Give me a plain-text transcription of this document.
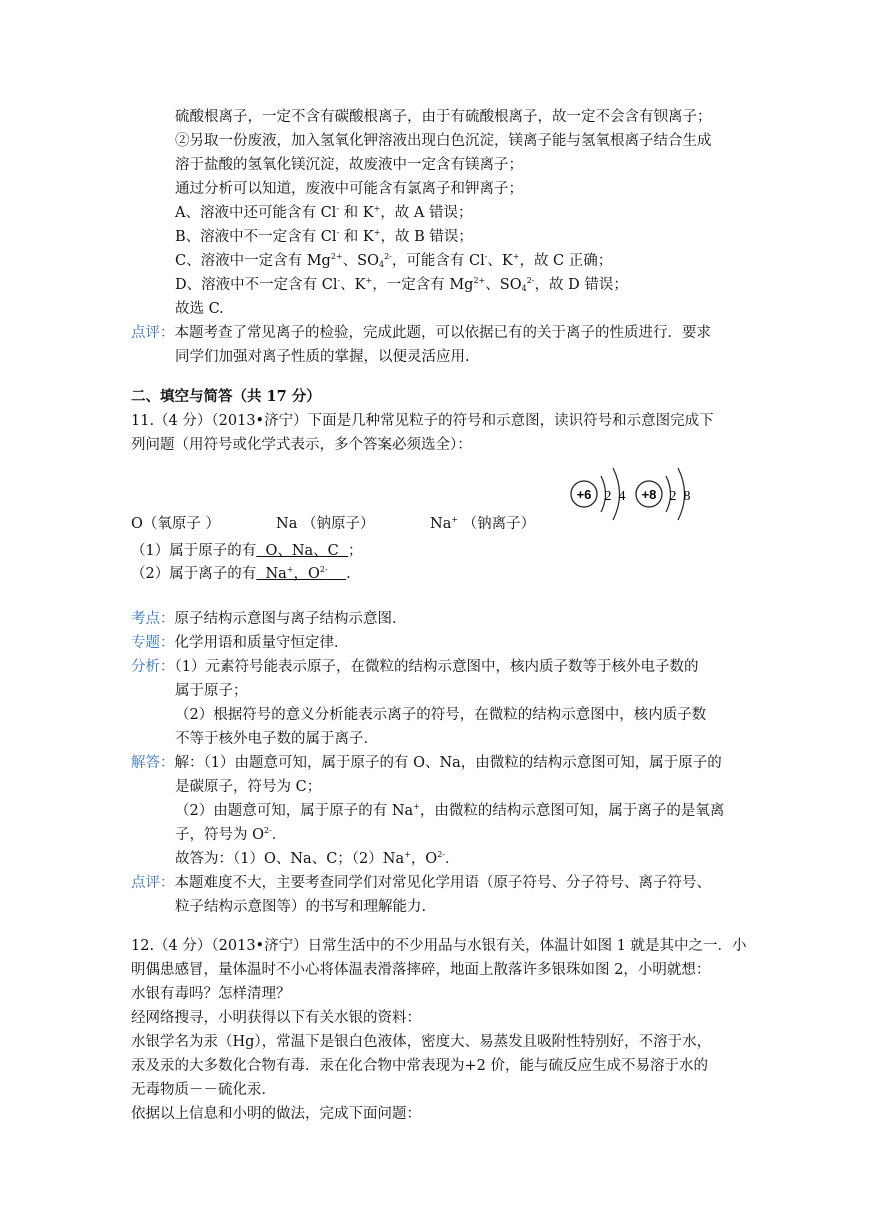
硫酸根离子，一定不含有碳酸根离子，由于有硫酸根离子，故一定不会含有钡离子；
②另取一份废液，加入氢氧化钾溶液出现白色沉淀，镁离子能与氢氧根离子结合生成
溶于盐酸的氢氧化镁沉淀，故废液中一定含有镁离子；
通过分析可以知道，废液中可能含有氯离子和钾离子；
A、溶液中还可能含有 Cl- 和 K+，故 A 错误；
B、溶液中不一定含有 Cl- 和 K+，故 B 错误；
C、溶液中一定含有 $Mg^{2+}$、$SO_4^{2-}$，可能含有 Cl-、K+，故 C 正确；
D、溶液中不一定含有 Cl-、K+，一定含有 $Mg^{2+}$、$SO_4^{2-}$，故 D 错误；
故选 C.
点评：本题考查了常见离子的检验，完成此题，可以依据已有的关于离子的性质进行．要求
同学们加强对离子性质的掌握，以便灵活应用.
二、填空与简答（共 17 分）
11.（4 分）（2013•济宁）下面是几种常见粒子的符号和示意图，读识符号和示意图完成下
列问题（用符号或化学式表示，多个答案必须选全）：
O（氧原子 ）	Na （钠原子）	Na+ （钠离子）
+6 2 4 +8 2 8
（1）属于原子的有  O、Na、C  ；
（2）属于离子的有  Na+，$O^{2-}$ .
考点：原子结构示意图与离子结构示意图．
专题：化学用语和质量守恒定律．
分析：（1）元素符号能表示原子，在微粒的结构示意图中，核内质子数等于核外电子数的
属于原子；
（2）根据符号的意义分析能表示离子的符号，在微粒的结构示意图中，核内质子数
不等于核外电子数的属于离子．
解答：解：（1）由题意可知，属于原子的有 O、Na，由微粒的结构示意图可知，属于原子的
是碳原子，符号为 C；
（2）由题意可知，属于原子的有 Na+，由微粒的结构示意图可知，属于离子的是氧离
子，符号为 $O^{2-}$．
故答为：（1）O、Na、C；（2）Na+，$O^{2-}$．
点评：本题难度不大，主要考查同学们对常见化学用语（原子符号、分子符号、离子符号、
粒子结构示意图等）的书写和理解能力.
12.（4 分）（2013•济宁）日常生活中的不少用品与水银有关，体温计如图 1 就是其中之一．小
明偶患感冒，量体温时不小心将体温表滑落摔碎，地面上散落许多银珠如图 2，小明就想：
水银有毒吗？怎样清理？
经网络搜寻，小明获得以下有关水银的资料：
水银学名为汞（Hg），常温下是银白色液体，密度大、易蒸发且吸附性特别好，不溶于水，
汞及汞的大多数化合物有毒．汞在化合物中常表现为+2 价，能与硫反应生成不易溶于水的
无毒物质－－硫化汞．
依据以上信息和小明的做法，完成下面问题：
